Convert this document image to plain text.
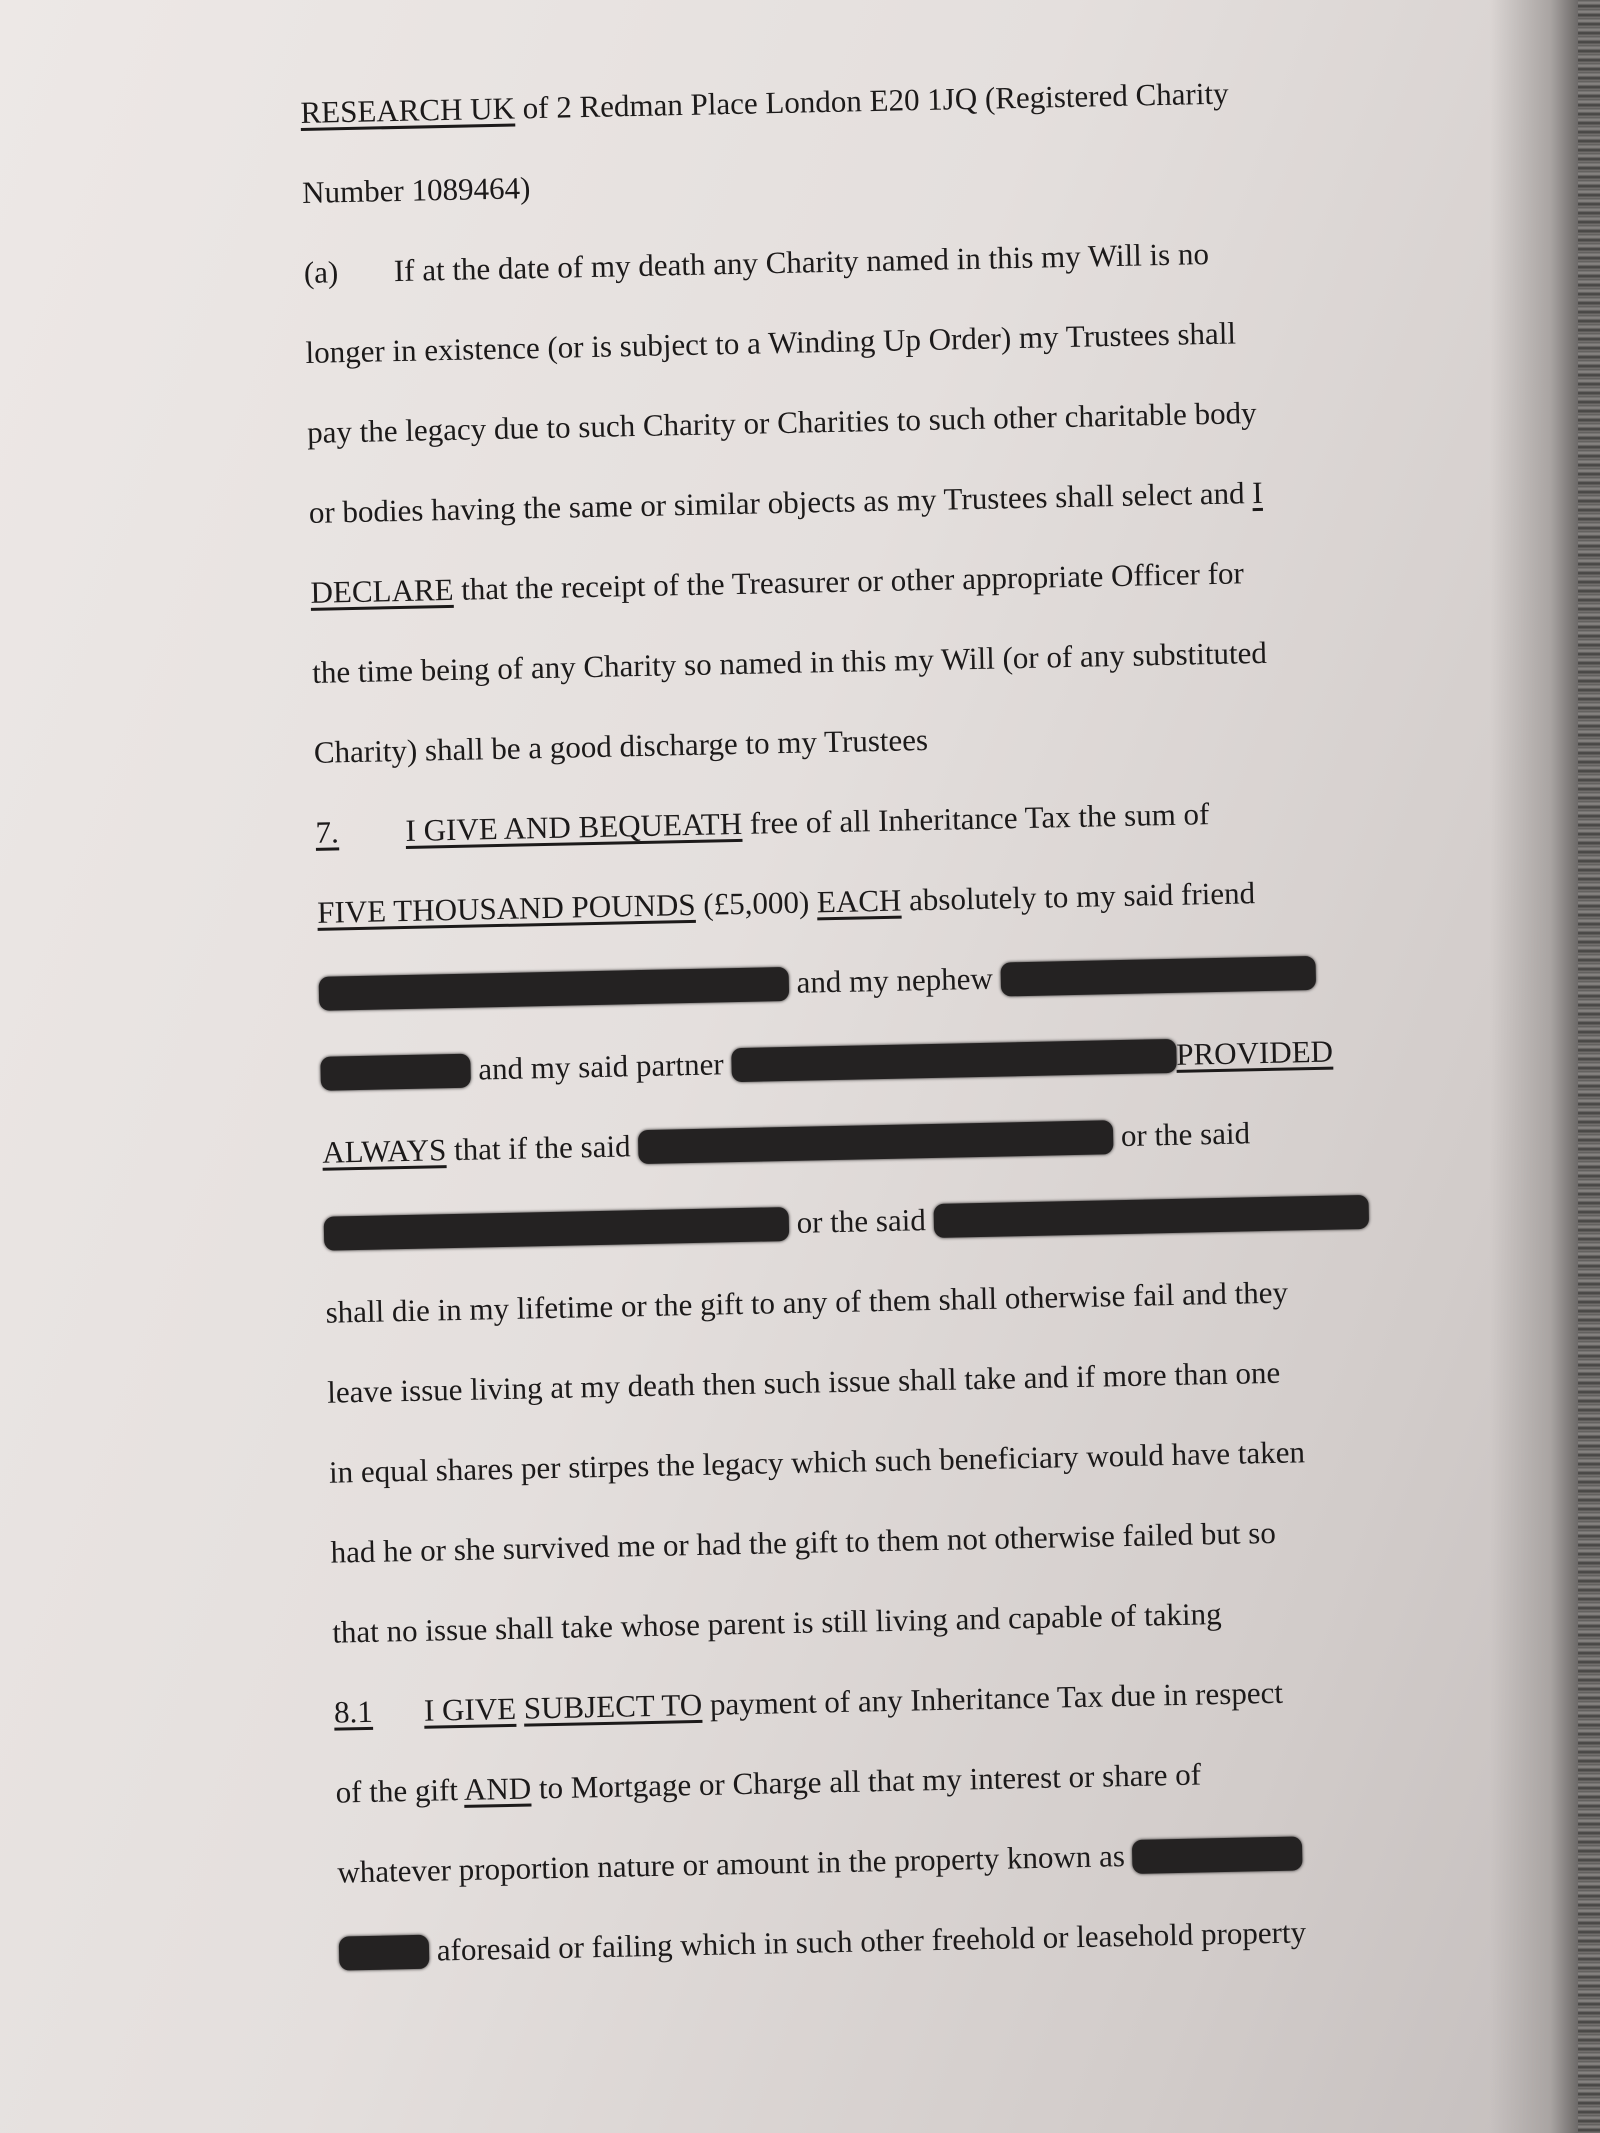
RESEARCH UK of 2 Redman Place London E20 1JQ (Registered Charity
Number 1089464)
(a) If at the date of my death any Charity named in this my Will is no
longer in existence (or is subject to a Winding Up Order) my Trustees shall
pay the legacy due to such Charity or Charities to such other charitable body
or bodies having the same or similar objects as my Trustees shall select and I
DECLARE that the receipt of the Treasurer or other appropriate Officer for
the time being of any Charity so named in this my Will (or of any substituted
Charity) shall be a good discharge to my Trustees
7. I GIVE AND BEQUEATH free of all Inheritance Tax the sum of
FIVE THOUSAND POUNDS (£5,000) EACH absolutely to my said friend
and my nephew
and my said partner	PROVIDED
ALWAYS that if the said	or the said
or the said
shall die in my lifetime or the gift to any of them shall otherwise fail and they
leave issue living at my death then such issue shall take and if more than one
in equal shares per stirpes the legacy which such beneficiary would have taken
had he or she survived me or had the gift to them not otherwise failed but so
that no issue shall take whose parent is still living and capable of taking
8.1 I GIVE SUBJECT TO payment of any Inheritance Tax due in respect
of the gift AND to Mortgage or Charge all that my interest or share of
whatever proportion nature or amount in the property known as
aforesaid or failing which in such other freehold or leasehold property
